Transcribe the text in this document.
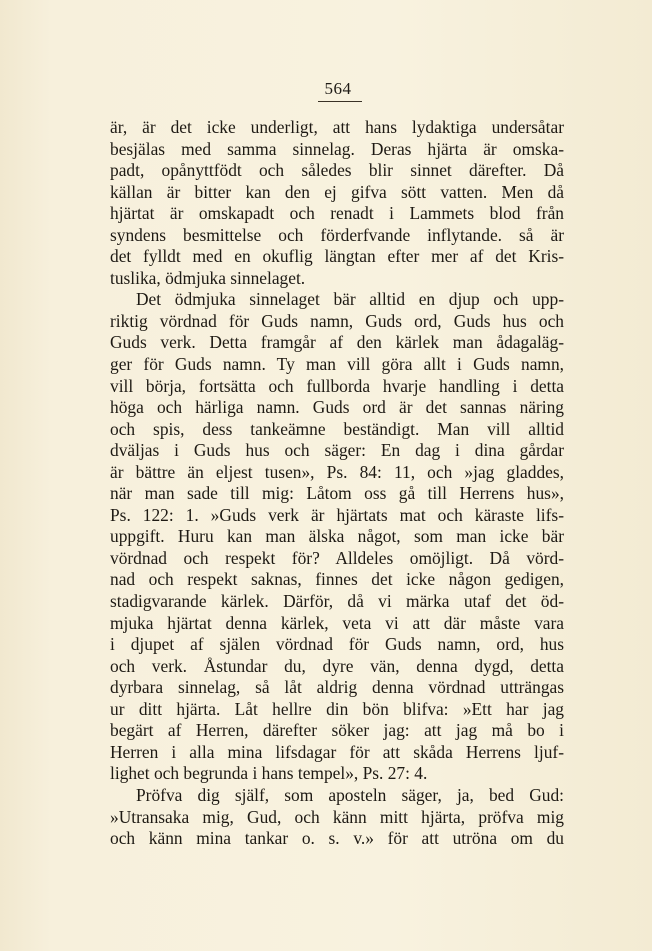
564
är, är det icke underligt, att hans lydaktiga undersåtar
besjälas med samma sinnelag. Deras hjärta är omska-
padt, opånyttfödt och således blir sinnet därefter. Då
källan är bitter kan den ej gifva sött vatten. Men då
hjärtat är omskapadt och renadt i Lammets blod från
syndens besmittelse och förderfvande inflytande. så är
det fylldt med en okuflig längtan efter mer af det Kris-
tuslika, ödmjuka sinnelaget.
Det ödmjuka sinnelaget bär alltid en djup och upp-
riktig vördnad för Guds namn, Guds ord, Guds hus och
Guds verk. Detta framgår af den kärlek man ådagaläg-
ger för Guds namn. Ty man vill göra allt i Guds namn,
vill börja, fortsätta och fullborda hvarje handling i detta
höga och härliga namn. Guds ord är det sannas näring
och spis, dess tankeämne beständigt. Man vill alltid
dväljas i Guds hus och säger: En dag i dina gårdar
är bättre än eljest tusen», Ps. 84: 11, och »jag gladdes,
när man sade till mig: Låtom oss gå till Herrens hus»,
Ps. 122: 1. »Guds verk är hjärtats mat och käraste lifs-
uppgift. Huru kan man älska något, som man icke bär
vördnad och respekt för? Alldeles omöjligt. Då vörd-
nad och respekt saknas, finnes det icke någon gedigen,
stadigvarande kärlek. Därför, då vi märka utaf det öd-
mjuka hjärtat denna kärlek, veta vi att där måste vara
i djupet af själen vördnad för Guds namn, ord, hus
och verk. Åstundar du, dyre vän, denna dygd, detta
dyrbara sinnelag, så låt aldrig denna vördnad utträngas
ur ditt hjärta. Låt hellre din bön blifva: »Ett har jag
begärt af Herren, därefter söker jag: att jag må bo i
Herren i alla mina lifsdagar för att skåda Herrens ljuf-
lighet och begrunda i hans tempel», Ps. 27: 4.
Pröfva dig själf, som aposteln säger, ja, bed Gud:
»Utransaka mig, Gud, och känn mitt hjärta, pröfva mig
och känn mina tankar o. s. v.» för att utröna om du
